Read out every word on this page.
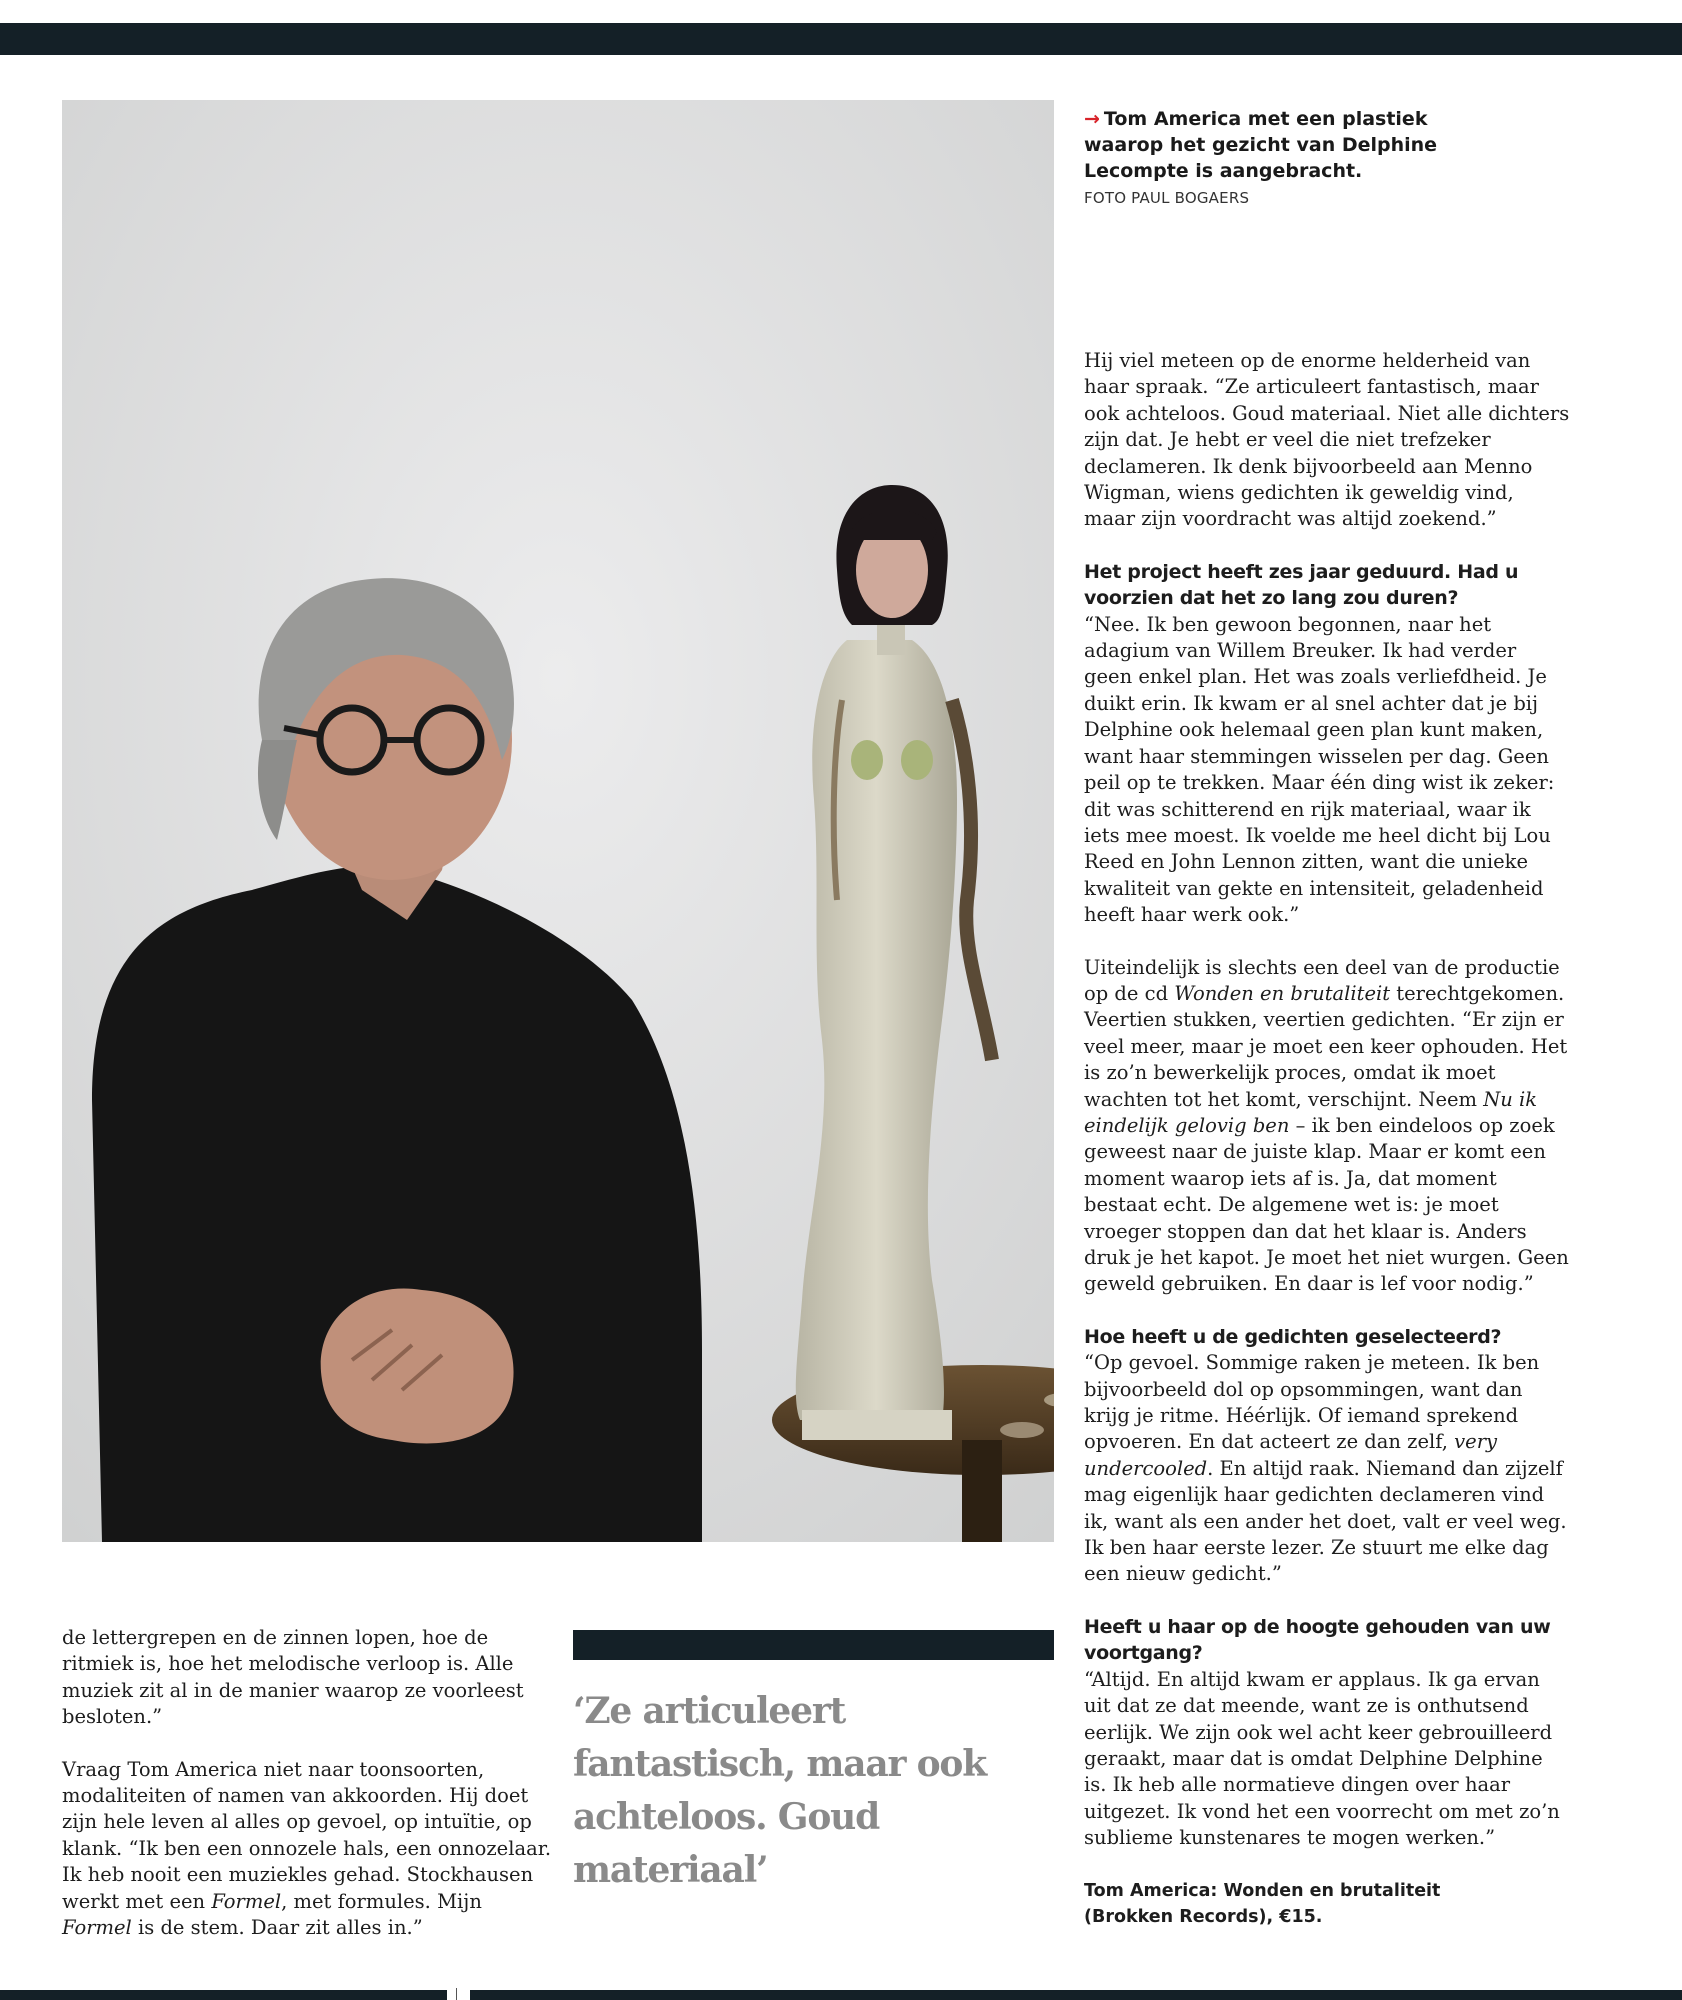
→ Tom America met een plastiek waarop het gezicht van Delphine Lecompte is aangebracht.

FOTO PAUL BOGAERS

Hij viel meteen op de enorme helderheid van haar spraak. “Ze articuleert fantastisch, maar ook achteloos. Goud materiaal. Niet alle dichters zijn dat. Je hebt er veel die niet trefzeker declameren. Ik denk bijvoorbeeld aan Menno Wigman, wiens gedichten ik geweldig vind, maar zijn voordracht was altijd zoekend.”

Het project heeft zes jaar geduurd. Had u voorzien dat het zo lang zou duren?
“Nee. Ik ben gewoon begonnen, naar het adagium van Willem Breuker. Ik had verder geen enkel plan. Het was zoals verliefdheid. Je duikt erin. Ik kwam er al snel achter dat je bij Delphine ook helemaal geen plan kunt maken, want haar stemmingen wisselen per dag. Geen peil op te trekken. Maar één ding wist ik zeker: dit was schitterend en rijk materiaal, waar ik iets mee moest. Ik voelde me heel dicht bij Lou Reed en John Lennon zitten, want die unieke kwaliteit van gekte en intensiteit, geladenheid heeft haar werk ook.”

Uiteindelijk is slechts een deel van de productie op de cd Wonden en brutaliteit terechtgekomen. Veertien stukken, veertien gedichten. “Er zijn er veel meer, maar je moet een keer ophouden. Het is zo’n bewerkelijk proces, omdat ik moet wachten tot het komt, verschijnt. Neem Nu ik eindelijk gelovig ben – ik ben eindeloos op zoek geweest naar de juiste klap. Maar er komt een moment waarop iets af is. Ja, dat moment bestaat echt. De algemene wet is: je moet vroeger stoppen dan dat het klaar is. Anders druk je het kapot. Je moet het niet wurgen. Geen geweld gebruiken. En daar is lef voor nodig.”

Hoe heeft u de gedichten geselecteerd?
“Op gevoel. Sommige raken je meteen. Ik ben bijvoorbeeld dol op opsommingen, want dan krijg je ritme. Héérlijk. Of iemand sprekend opvoeren. En dat acteert ze dan zelf, very undercooled. En altijd raak. Niemand dan zijzelf mag eigenlijk haar gedichten declameren vind ik, want als een ander het doet, valt er veel weg. Ik ben haar eerste lezer. Ze stuurt me elke dag een nieuw gedicht.”

Heeft u haar op de hoogte gehouden van uw voortgang?
“Altijd. En altijd kwam er applaus. Ik ga ervan uit dat ze dat meende, want ze is onthutsend eerlijk. We zijn ook wel acht keer gebrouilleerd geraakt, maar dat is omdat Delphine Delphine is. Ik heb alle normatieve dingen over haar uitgezet. Ik vond het een voorrecht om met zo’n sublieme kunstenares te mogen werken.”

Tom America: Wonden en brutaliteit
(Brokken Records), €15.

de lettergrepen en de zinnen lopen, hoe de ritmiek is, hoe het melodische verloop is. Alle muziek zit al in de manier waarop ze voorleest besloten.”

Vraag Tom America niet naar toonsoorten, modaliteiten of namen van akkoorden. Hij doet zijn hele leven al alles op gevoel, op intuïtie, op klank. “Ik ben een onnozele hals, een onnozelaar. Ik heb nooit een muziekles gehad. Stockhausen werkt met een Formel, met formules. Mijn Formel is de stem. Daar zit alles in.”

‘Ze articuleert fantastisch, maar ook achteloos. Goud materiaal’
